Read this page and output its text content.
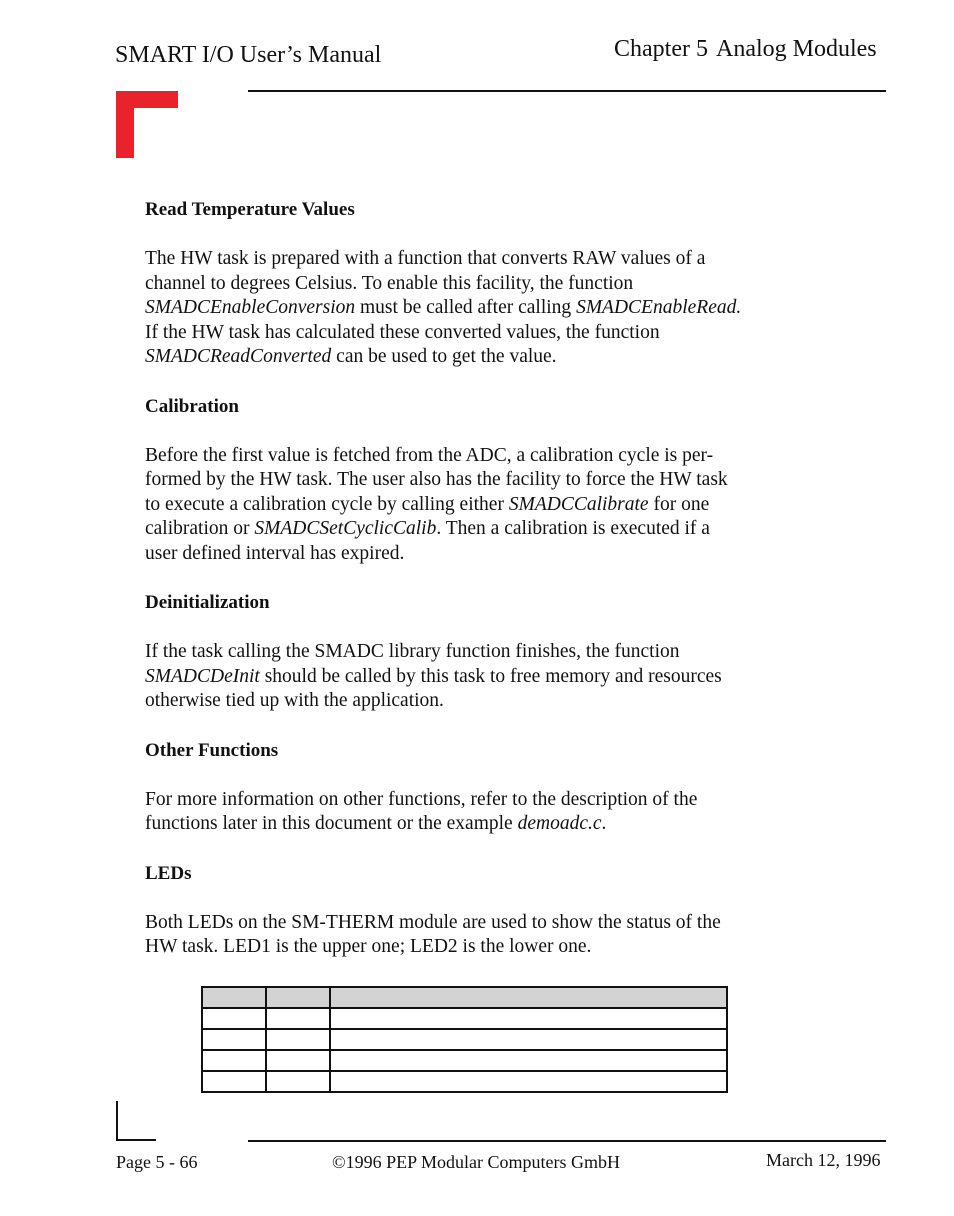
SMART I/O User’s Manual	Chapter 5 Analog Modules
Read Temperature Values
The HW task is prepared with a function that converts RAW values of a
channel to degrees Celsius. To enable this facility, the function
SMADCEnableConversion must be called after calling SMADCEnableRead.
If the HW task has calculated these converted values, the function
SMADCReadConverted can be used to get the value.
Calibration
Before the first value is fetched from the ADC, a calibration cycle is per-
formed by the HW task. The user also has the facility to force the HW task
to execute a calibration cycle by calling either SMADCCalibrate for one
calibration or SMADCSetCyclicCalib. Then a calibration is executed if a
user defined interval has expired.
Deinitialization
If the task calling the SMADC library function finishes, the function
SMADCDeInit should be called by this task to free memory and resources
otherwise tied up with the application.
Other Functions
For more information on other functions, refer to the description of the
functions later in this document or the example demoadc.c.
LEDs
Both LEDs on the SM-THERM module are used to show the status of the
HW task. LED1 is the upper one; LED2 is the lower one.

Page 5 - 66	©1996 PEP Modular Computers GmbH	March 12, 1996
